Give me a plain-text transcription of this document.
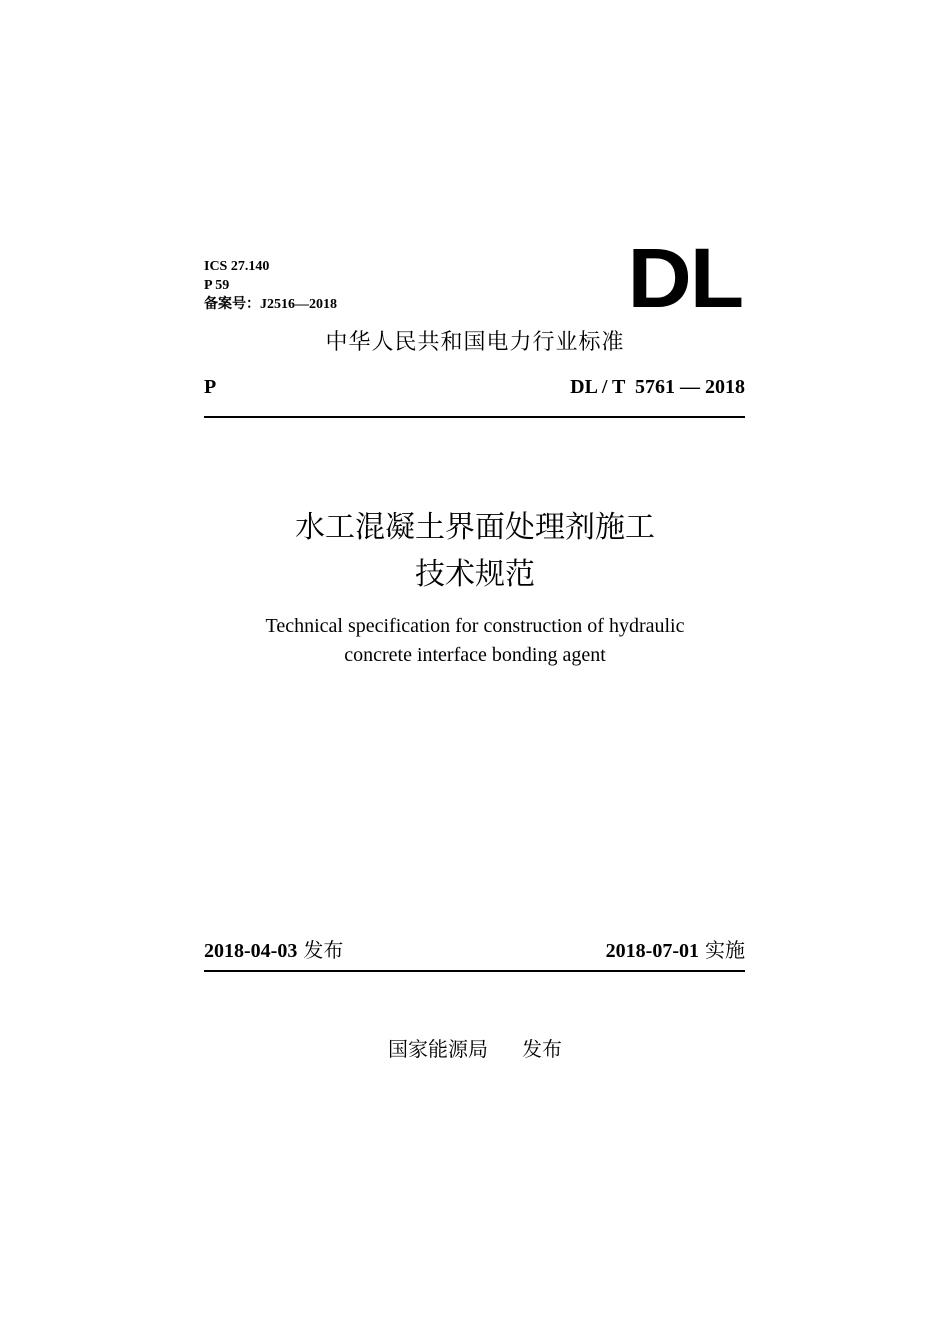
ICS 27.140
P 59
备案号：J2516—2018	DL
中华人民共和国电力行业标准
P	DL / T  5761 — 2018
水工混凝土界面处理剂施工
技术规范
Technical specification for construction of hydraulic
concrete interface bonding agent
2018-04-03 发布	2018-07-01 实施
国家能源局 发布
